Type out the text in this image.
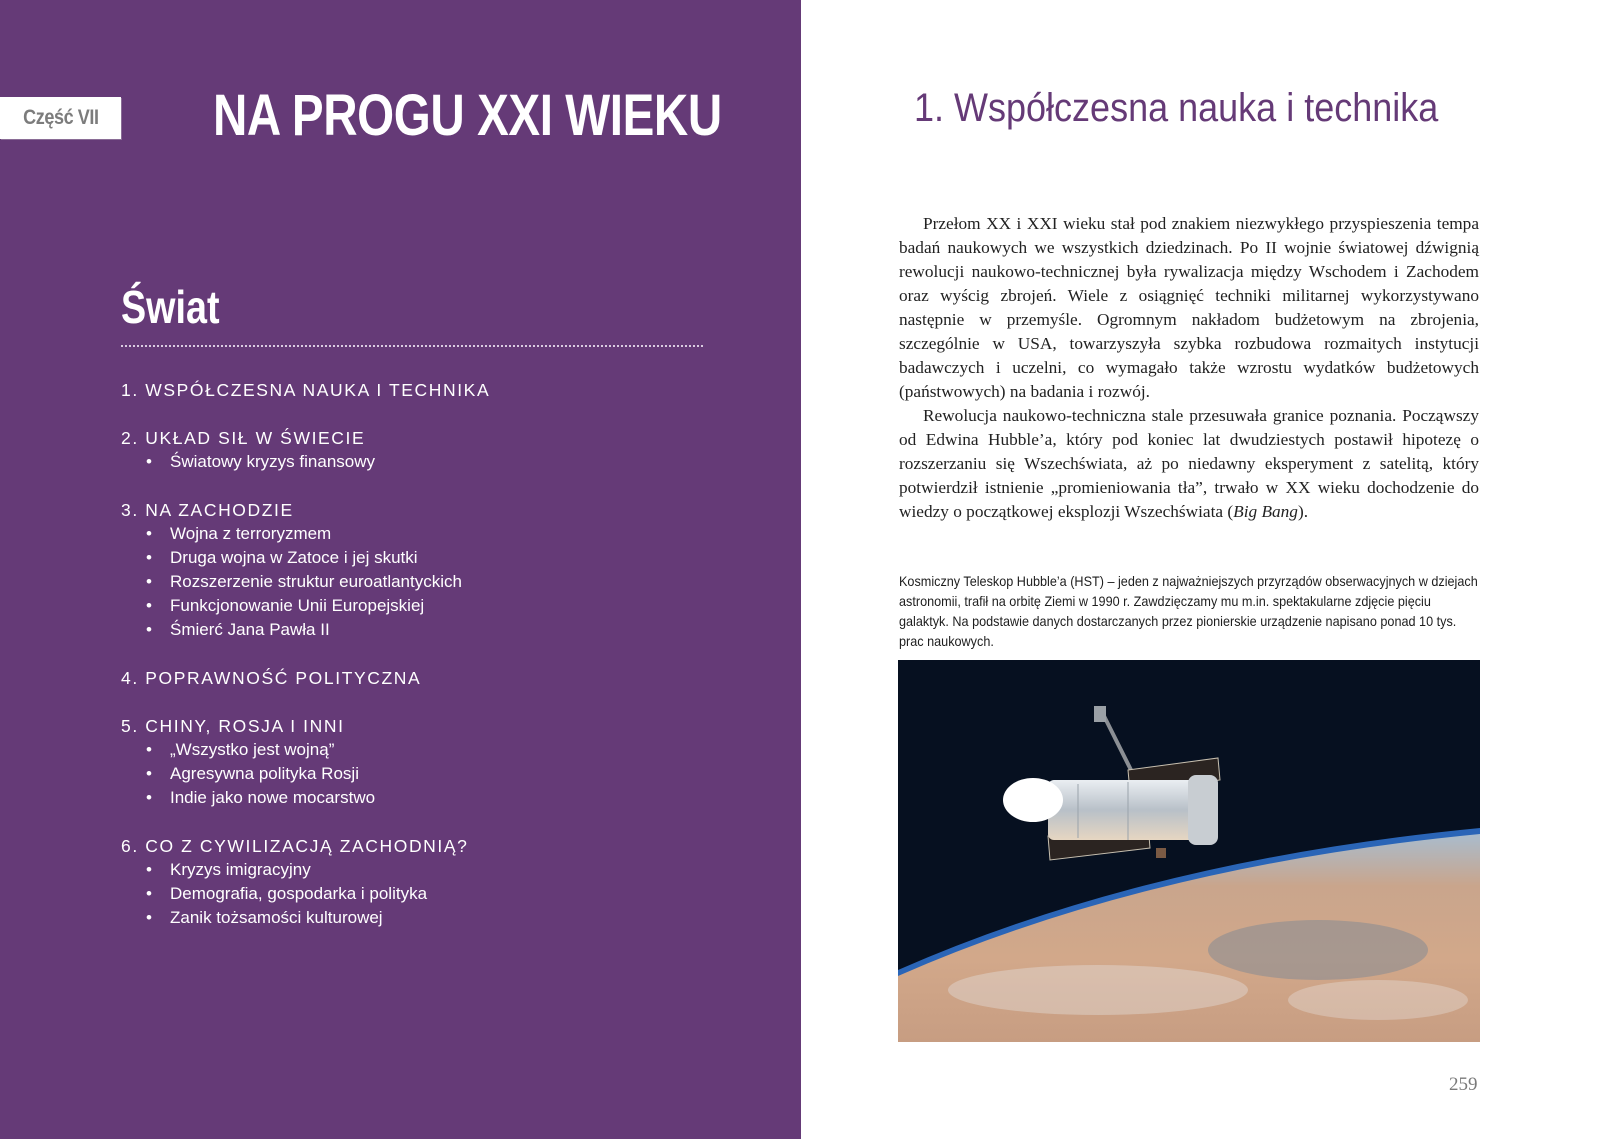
Część VII NA PROGU XXI WIEKU
Świat
1. WSPÓŁCZESNA NAUKA I TECHNIKA
2. UKŁAD SIŁ W ŚWIECIE
• Światowy kryzys finansowy
3. NA ZACHODZIE
• Wojna z terroryzmem
• Druga wojna w Zatoce i jej skutki
• Rozszerzenie struktur euroatlantyckich
• Funkcjonowanie Unii Europejskiej
• Śmierć Jana Pawła II
4. POPRAWNOŚĆ POLITYCZNA
5. CHINY, ROSJA I INNI
• „Wszystko jest wojną”
• Agresywna polityka Rosji
• Indie jako nowe mocarstwo
6. CO Z CYWILIZACJĄ ZACHODNIĄ?
• Kryzys imigracyjny
• Demografia, gospodarka i polityka
• Zanik tożsamości kulturowej
1. Współczesna nauka i technika

Przełom XX i XXI wieku stał pod znakiem niezwykłego przyspieszenia tempa badań naukowych we wszystkich dziedzinach. Po II wojnie światowej dźwignią rewolucji naukowo-technicznej była rywalizacja między Wschodem i Zachodem oraz wyścig zbrojeń. Wiele z osiągnięć techniki militarnej wykorzystywano następnie w przemyśle. Ogromnym nakładom budżetowym na zbrojenia, szczególnie w USA, towarzyszyła szybka rozbudowa rozmaitych instytucji badawczych i uczelni, co wymagało także wzrostu wydatków budżetowych (państwowych) na badania i rozwój.

Rewolucja naukowo-techniczna stale przesuwała granice poznania. Począwszy od Edwina Hubble’a, który pod koniec lat dwudziestych postawił hipotezę o rozszerzaniu się Wszechświata, aż po niedawny eksperyment z satelitą, który potwierdził istnienie „promieniowania tła”, trwało w XX wieku dochodzenie do wiedzy o początkowej eksplozji Wszechświata (Big Bang).

Kosmiczny Teleskop Hubble’a (HST) – jeden z najważniejszych przyrządów obserwacyjnych w dziejach astronomii, trafił na orbitę Ziemi w 1990 r. Zawdzięczamy mu m.in. spektakularne zdjęcie pięciu galaktyk. Na podstawie danych dostarczanych przez pionierskie urządzenie napisano ponad 10 tys. prac naukowych.
259
